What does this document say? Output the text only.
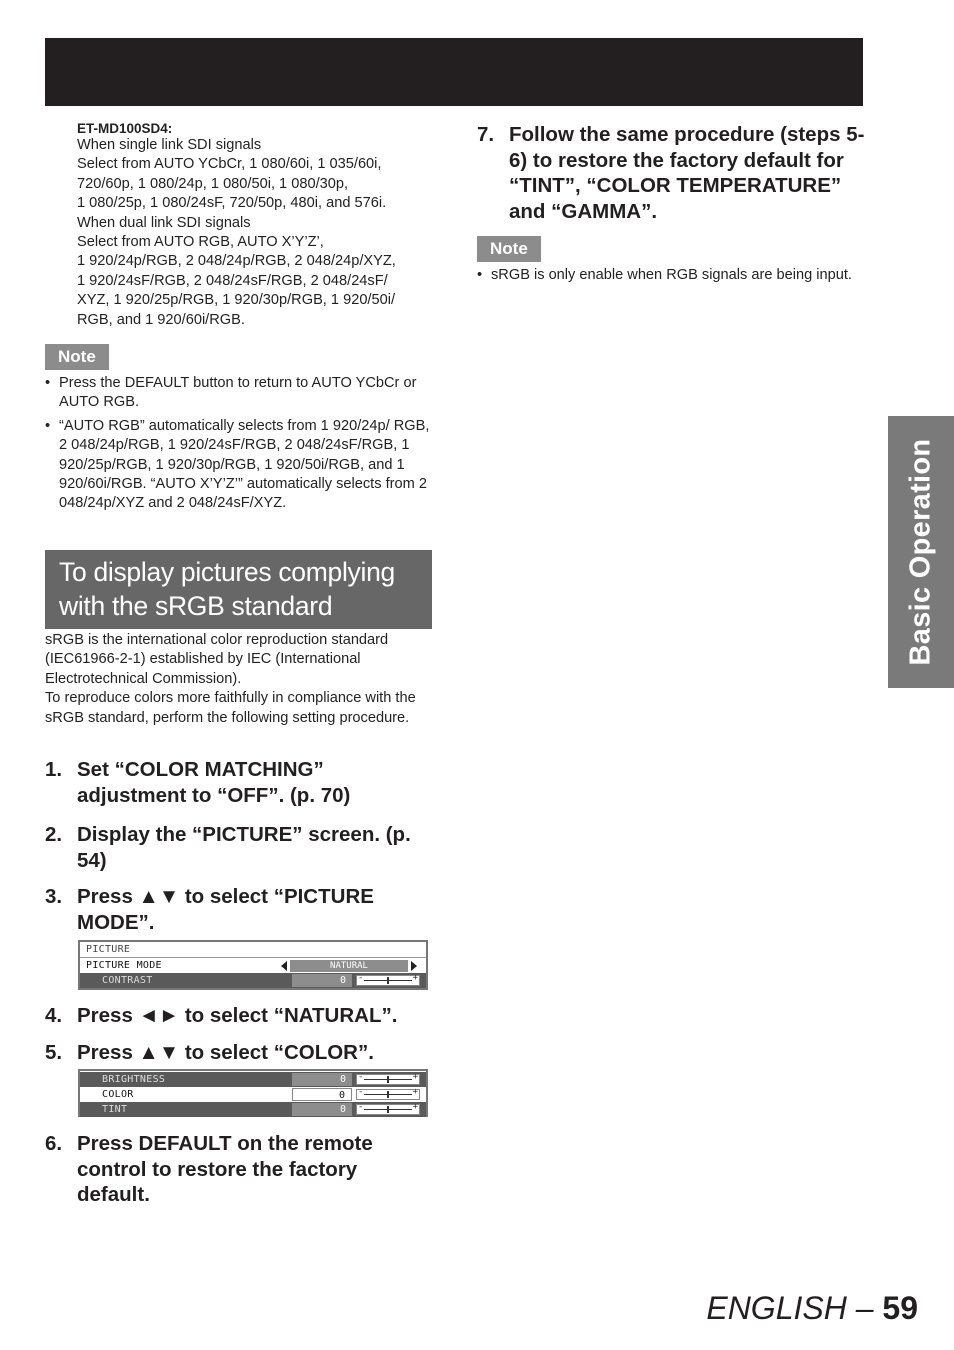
ET-MD100SD4:
When single link SDI signals
Select from AUTO YCbCr, 1 080/60i, 1 035/60i,
720/60p, 1 080/24p, 1 080/50i, 1 080/30p,
1 080/25p, 1 080/24sF, 720/50p, 480i, and 576i.
When dual link SDI signals
Select from AUTO RGB, AUTO X’Y’Z’,
1 920/24p/RGB, 2 048/24p/RGB, 2 048/24p/XYZ,
1 920/24sF/RGB, 2 048/24sF/RGB, 2 048/24sF/
XYZ, 1 920/25p/RGB, 1 920/30p/RGB, 1 920/50i/
RGB, and 1 920/60i/RGB.
Note
• Press the DEFAULT button to return to AUTO YCbCr or AUTO RGB.
• “AUTO RGB” automatically selects from 1 920/24p/ RGB, 2 048/24p/RGB, 1 920/24sF/RGB, 2 048/24sF/RGB, 1 920/25p/RGB, 1 920/30p/RGB, 1 920/50i/RGB, and 1 920/60i/RGB. “AUTO X’Y’Z’” automatically selects from 2 048/24p/XYZ and 2 048/24sF/XYZ.
To display pictures complying
with the sRGB standard
sRGB is the international color reproduction standard (IEC61966-2-1) established by IEC (International Electrotechnical Commission).
To reproduce colors more faithfully in compliance with the sRGB standard, perform the following setting procedure.
1. Set “COLOR MATCHING” adjustment to “OFF”. (p. 70)
2. Display the “PICTURE” screen. (p. 54)
3. Press ▲▼ to select “PICTURE MODE”.
PICTURE
PICTURE MODE	NATURAL
CONTRAST	0	-	+
4. Press ◄► to select “NATURAL”.
5. Press ▲▼ to select “COLOR”.
BRIGHTNESS	0	-	+
COLOR	0	-	+
TINT	0	-	+
6. Press DEFAULT on the remote control to restore the factory default.
7. Follow the same procedure (steps 5-6) to restore the factory default for “TINT”, “COLOR TEMPERATURE” and “GAMMA”.
Note
• sRGB is only enable when RGB signals are being input.
Basic Operation
ENGLISH – 59
